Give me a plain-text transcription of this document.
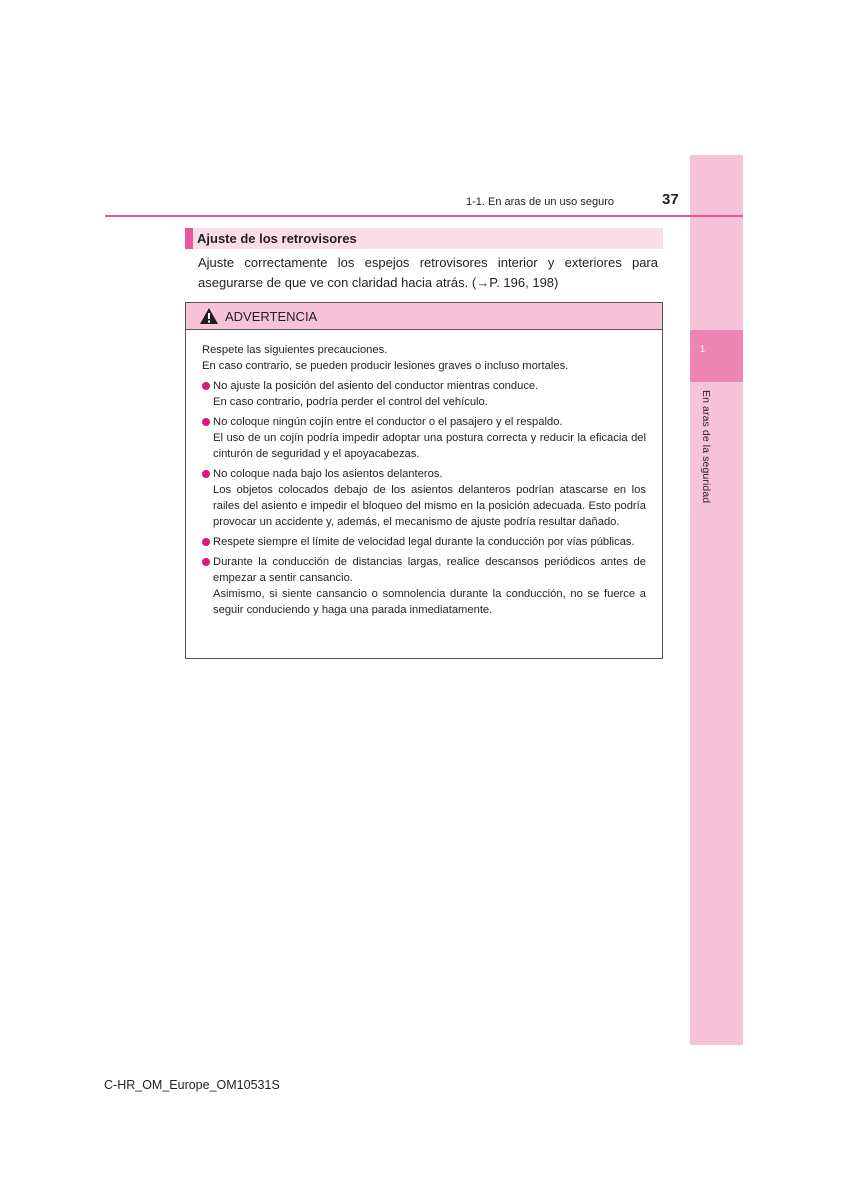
1
En aras de la seguridad
1-1. En aras de un uso seguro	37
Ajuste de los retrovisores
Ajuste correctamente los espejos retrovisores interior y exteriores para asegurarse de que ve con claridad hacia atrás. (→P. 196, 198)
ADVERTENCIA

Respete las siguientes precauciones.

En caso contrario, se pueden producir lesiones graves o incluso mortales.

No ajuste la posición del asiento del conductor mientras conduce.
En caso contrario, podría perder el control del vehículo.
No coloque ningún cojín entre el conductor o el pasajero y el respaldo.
El uso de un cojín podría impedir adoptar una postura correcta y reducir la eficacia del cinturón de seguridad y el apoyacabezas.
No coloque nada bajo los asientos delanteros.
Los objetos colocados debajo de los asientos delanteros podrían atascarse en los railes del asiento e impedir el bloqueo del mismo en la posición adecuada. Esto podría provocar un accidente y, además, el mecanismo de ajuste podría resultar dañado.
Respete siempre el límite de velocidad legal durante la conducción por vías públicas.
Durante la conducción de distancias largas, realice descansos periódicos antes de empezar a sentir cansancio.
Asimismo, si siente cansancio o somnolencia durante la conducción, no se fuerce a seguir conduciendo y haga una parada inmediatamente.
C-HR_OM_Europe_OM10531S
